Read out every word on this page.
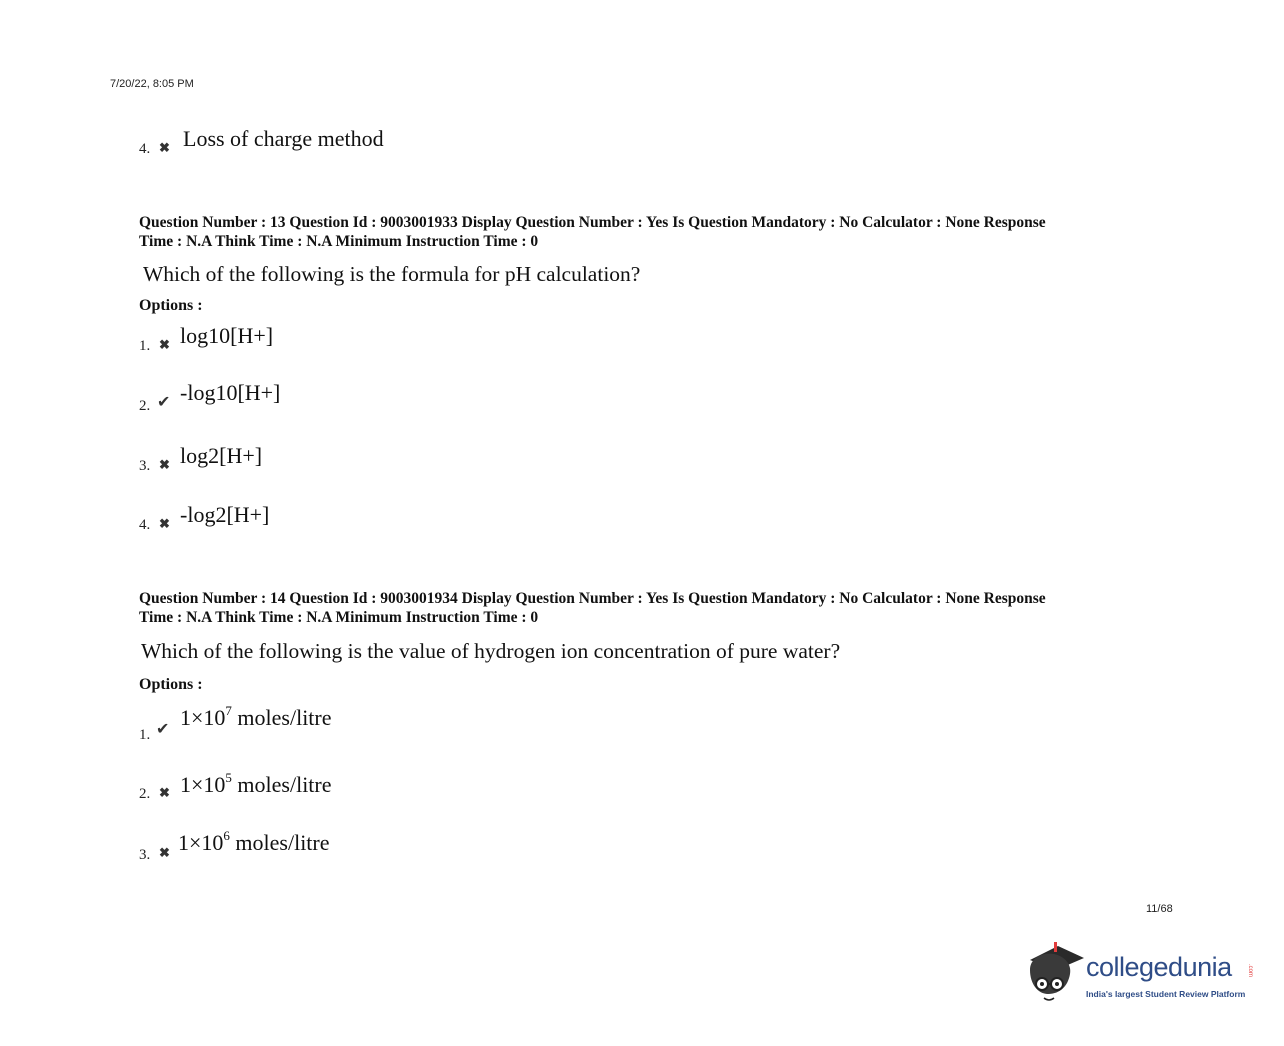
7/20/22, 8:05 PM
4. ✖ Loss of charge method
Question Number : 13 Question Id : 9003001933 Display Question Number : Yes Is Question Mandatory : No Calculator : None Response
Time : N.A Think Time : N.A Minimum Instruction Time : 0
Which of the following is the formula for pH calculation?
Options :
1. ✖ log10[H+]
2. ✔ -log10[H+]
3. ✖ log2[H+]
4. ✖ -log2[H+]
Question Number : 14 Question Id : 9003001934 Display Question Number : Yes Is Question Mandatory : No Calculator : None Response
Time : N.A Think Time : N.A Minimum Instruction Time : 0
Which of the following is the value of hydrogen ion concentration of pure water?
Options :
1. ✔ $1\times 10^7$ moles/litre
2. ✖ $1\times 10^5$ moles/litre
3. ✖ $1\times 10^6$ moles/litre
11/68
collegedunia	.com
India's largest Student Review Platform
